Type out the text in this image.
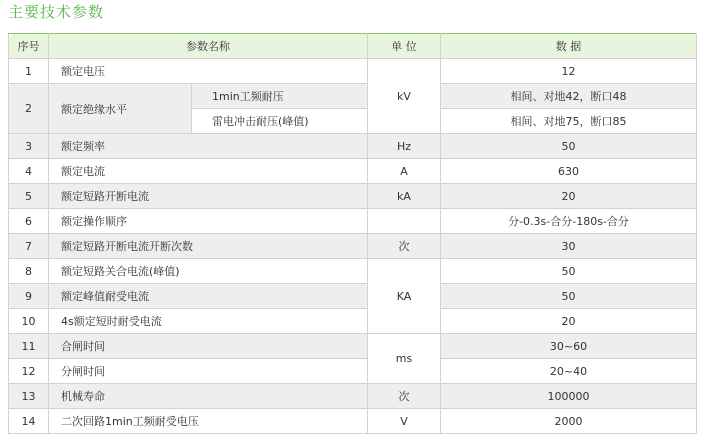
主要技术参数
序号	参数名称		单 位	数 据
1	额定电压		kV	12
2	额定绝缘水平	1min工频耐压		相间、对地42，断口48
		雷电冲击耐压(峰值)		相间、对地75，断口85
3	额定频率		Hz	50
4	额定电流		A	630
5	额定短路开断电流		kA	20
6	额定操作顺序			分-0.3s-合分-180s-合分
7	额定短路开断电流开断次数		次	30
8	额定短路关合电流(峰值)		KA	50
9	额定峰值耐受电流			50
10	4s额定短时耐受电流			20
11	合闸时间		ms	30~60
12	分闸时间			20~40
13	机械寿命		次	100000
14	二次回路1min工频耐受电压		V	2000
